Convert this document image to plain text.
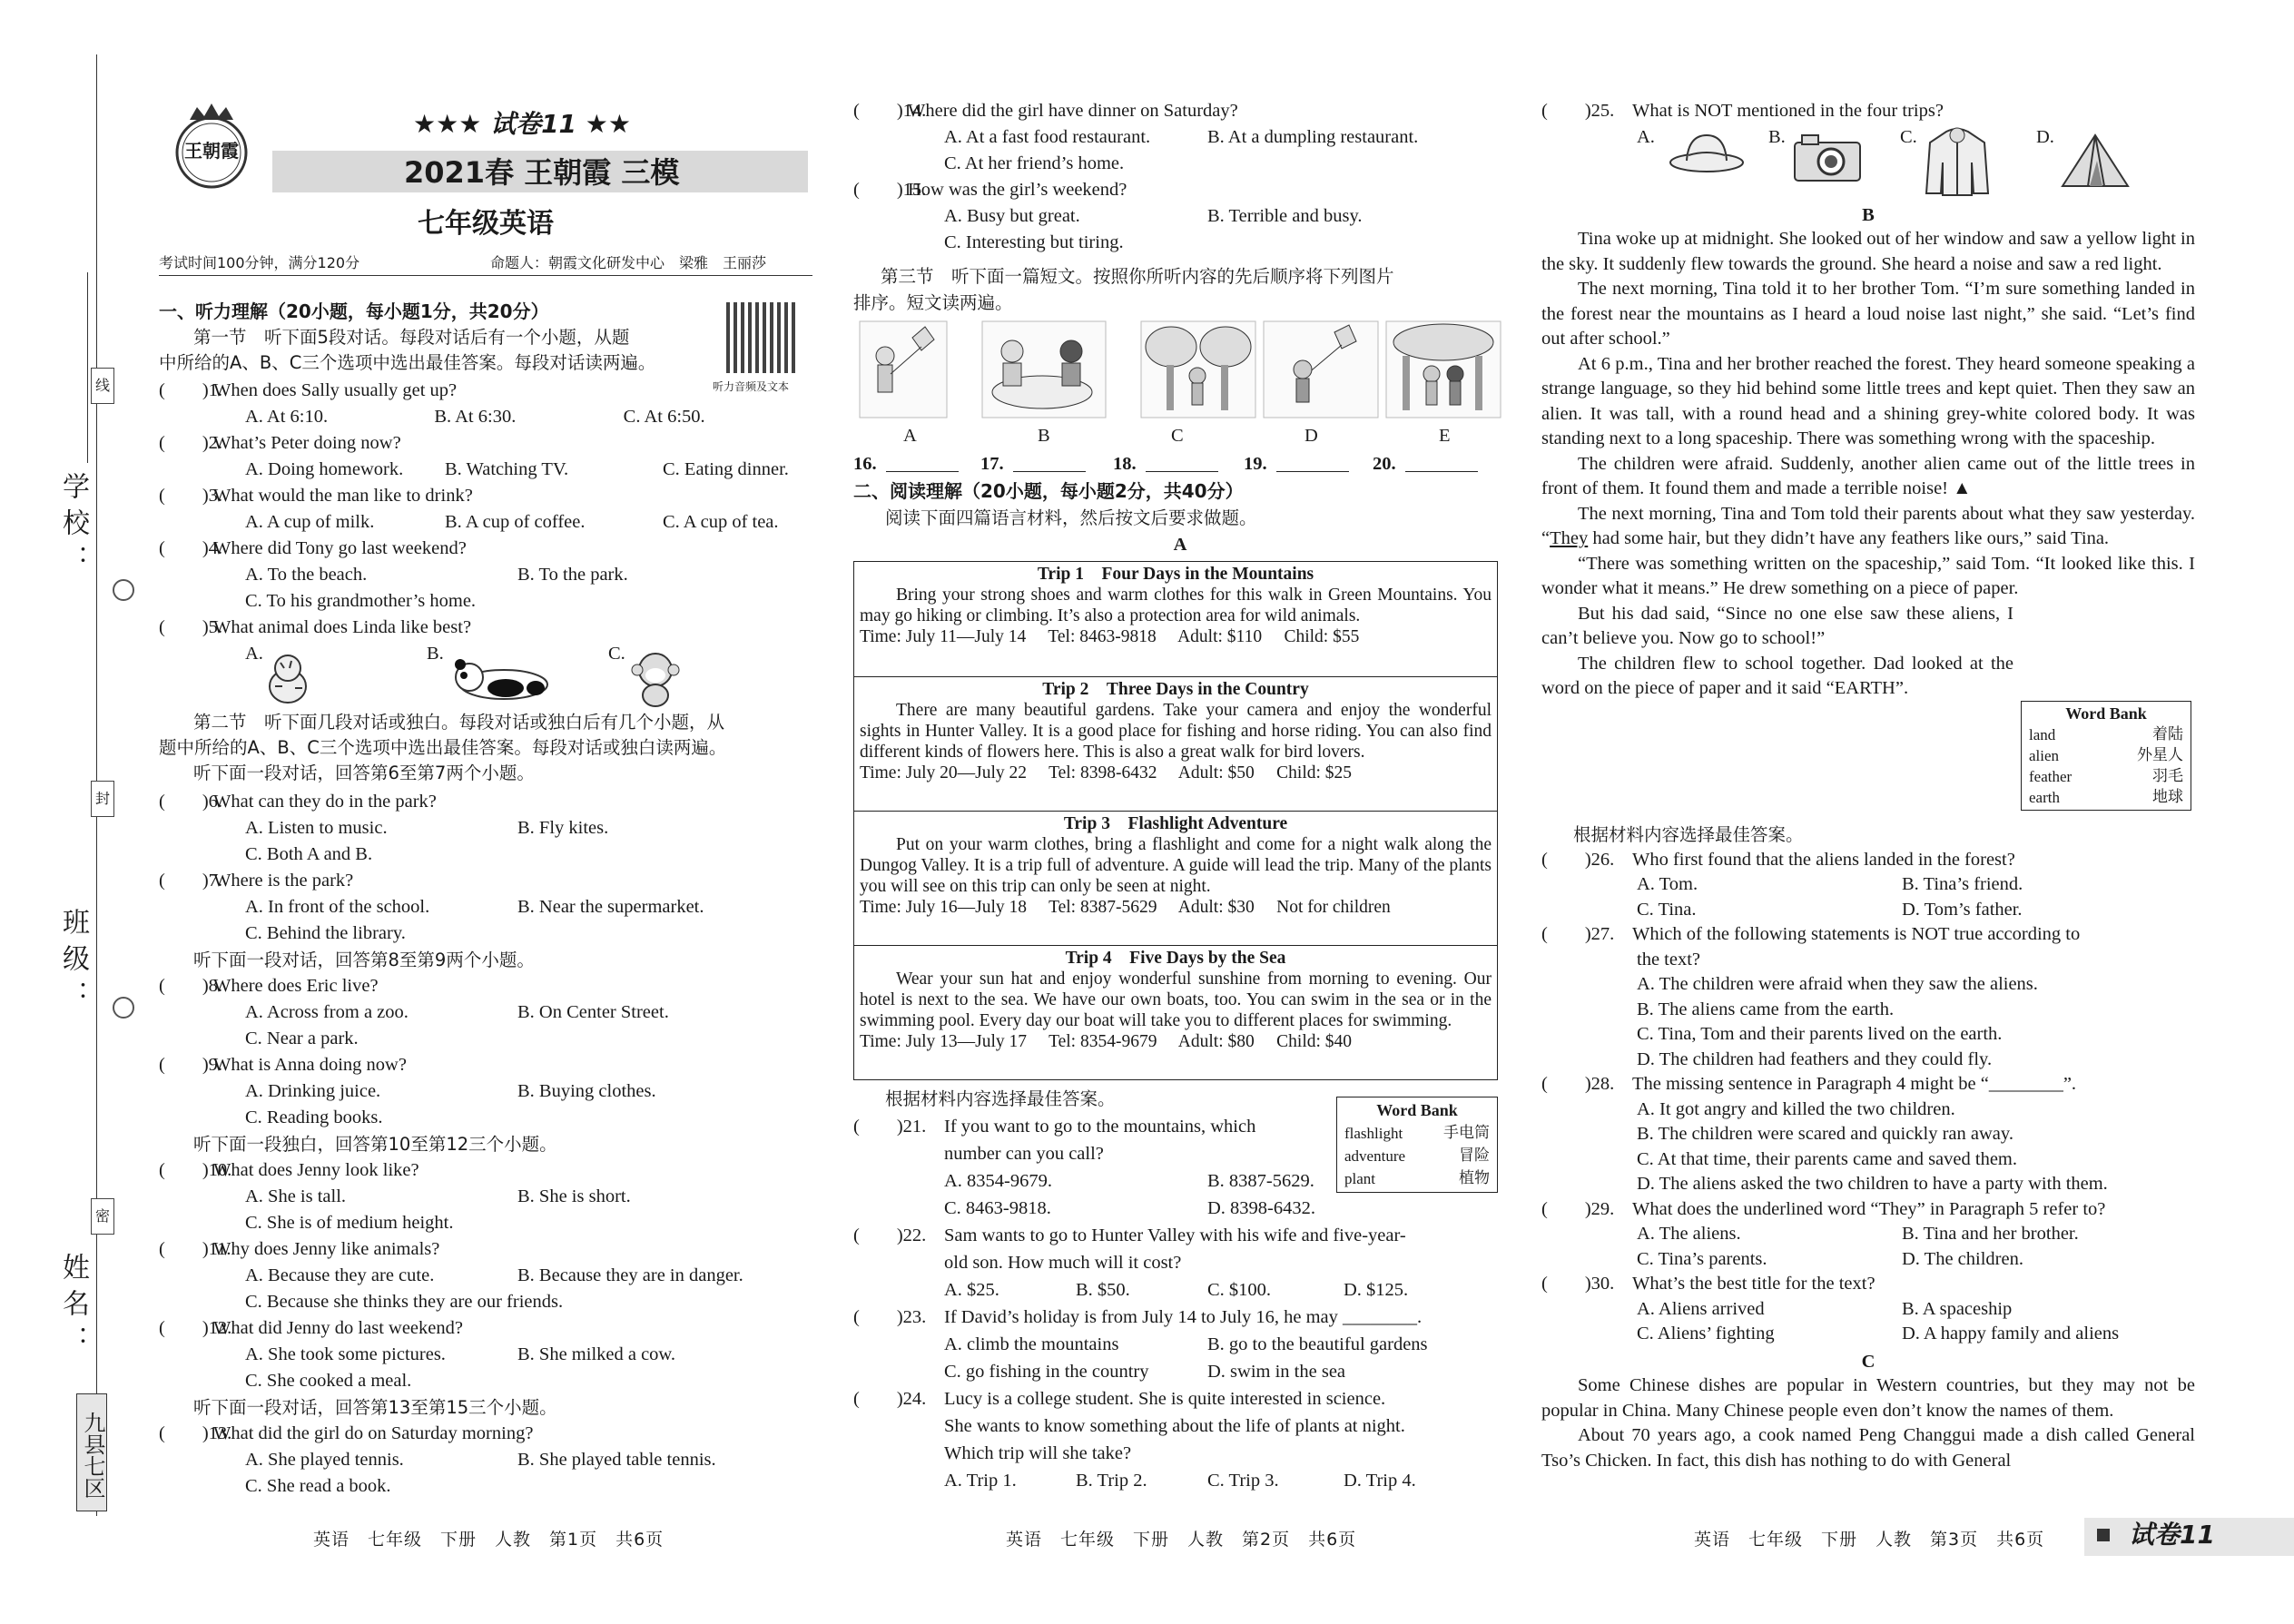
学校：
班级：
姓名：
线
封
密
九县七区
王朝霞
★★★ 试卷11 ★★
2021春 王朝霞 三模
七年级英语
考试时间100分钟，满分120分	命题人：朝霞文化研发中心　梁雅　王丽莎
听力音频及文本
一、听力理解（20小题，每小题1分，共20分）
第一节　听下面5段对话。每段对话后有一个小题，从题
中所给的A、B、C三个选项中选出最佳答案。每段对话读两遍。
(　　)1.
When does Sally usually get up?
A. At 6:10.	B. At 6:30.	C. At 6:50.
(　　)2.
What’s Peter doing now?
A. Doing homework.	B. Watching TV.	C. Eating dinner.
(　　)3.
What would the man like to drink?
A. A cup of milk.	B. A cup of coffee.	C. A cup of tea.
(　　)4.
Where did Tony go last weekend?
A. To the beach.	B. To the park.
C. To his grandmother’s home.
(　　)5.
What animal does Linda like best?
A.	B.	C.
第二节　听下面几段对话或独白。每段对话或独白后有几个小题，从
题中所给的A、B、C三个选项中选出最佳答案。每段对话或独白读两遍。
听下面一段对话，回答第6至第7两个小题。
(　　)6.
What can they do in the park?
A. Listen to music.	B. Fly kites.
C. Both A and B.
(　　)7.
Where is the park?
A. In front of the school.	B. Near the supermarket.
C. Behind the library.
听下面一段对话，回答第8至第9两个小题。
(　　)8.
Where does Eric live?
A. Across from a zoo.	B. On Center Street.
C. Near a park.
(　　)9.
What is Anna doing now?
A. Drinking juice.	B. Buying clothes.
C. Reading books.
听下面一段独白，回答第10至第12三个小题。
(　　)10.
What does Jenny look like?
A. She is tall.	B. She is short.
C. She is of medium height.
(　　)11.
Why does Jenny like animals?
A. Because they are cute.	B. Because they are in danger.
C. Because she thinks they are our friends.
(　　)12.
What did Jenny do last weekend?
A. She took some pictures.	B. She milked a cow.
C. She cooked a meal.
听下面一段对话，回答第13至第15三个小题。
(　　)13.
What did the girl do on Saturday morning?
A. She played tennis.	B. She played table tennis.
C. She read a book.
英语　七年级　下册　人教　第1页　共6页
(　　)14.
Where did the girl have dinner on Saturday?
A. At a fast food restaurant.	B. At a dumpling restaurant.
C. At her friend’s home.
(　　)15.
How was the girl’s weekend?
A. Busy but great.	B. Terrible and busy.
C. Interesting but tiring.
第三节　听下面一篇短文。按照你所听内容的先后顺序将下列图片
排序。短文读两遍。
A	B	C	D	E
16.	17.	18.	19.	20.
二、阅读理解（20小题，每小题2分，共40分）
阅读下面四篇语言材料，然后按文后要求做题。
A
Trip 1　Four Days in the Mountains
Bring your strong shoes and warm clothes for this walk in Green Mountains. You may go hiking or climbing. It’s also a protection area for wild animals.
Time: July 11—July 14　 Tel: 8463-9818　 Adult: $110　 Child: $55
Trip 2　Three Days in the Country
There are many beautiful gardens. Take your camera and enjoy the wonderful sights in Hunter Valley. It is a good place for fishing and horse riding. You can also find different kinds of flowers here. This is also a great walk for bird lovers.
Time: July 20—July 22　 Tel: 8398-6432　 Adult: $50　 Child: $25
Trip 3　Flashlight Adventure
Put on your warm clothes, bring a flashlight and come for a night walk along the Dungog Valley. It is a trip full of adventure. A guide will lead the trip. Many of the plants you will see on this trip can only be seen at night.
Time: July 16—July 18　 Tel: 8387-5629　 Adult: $30　 Not for children
Trip 4　Five Days by the Sea
Wear your sun hat and enjoy wonderful sunshine from morning to evening. Our hotel is next to the sea. We have our own boats, too. You can swim in the sea or in the swimming pool. Every day our boat will take you to different places for swimming.
Time: July 13—July 17　 Tel: 8354-9679　 Adult: $80　 Child: $40
根据材料内容选择最佳答案。
Word Bank
flashlight	手电筒
adventure	冒险
plant	植物
(　　)21. If you want to go to the mountains, which
number can you call?
A. 8354-9679.	B. 8387-5629.
C. 8463-9818.	D. 8398-6432.
(　　)22. Sam wants to go to Hunter Valley with his wife and five-year-
old son. How much will it cost?
A. $25.	B. $50.	C. $100.	D. $125.
(　　)23. If David’s holiday is from July 14 to July 16, he may ________.
A. climb the mountains	B. go to the beautiful gardens
C. go fishing in the country	D. swim in the sea
(　　)24. Lucy is a college student. She is quite interested in science.
She wants to know something about the life of plants at night.
Which trip will she take?
A. Trip 1.	B. Trip 2.	C. Trip 3.	D. Trip 4.
英语　七年级　下册　人教　第2页　共6页
(　　)25. What is NOT mentioned in the four trips?
A.	B.	C.	D.
B

Tina woke up at midnight. She looked out of her window and saw a yellow light in the sky. It suddenly flew towards the ground. She heard a noise and saw a red light.

The next morning, Tina told it to her brother Tom. “I’m sure something landed in the forest near the mountains as I heard a loud noise last night,” she said. “Let’s find out after school.”

At 6 p.m., Tina and her brother reached the forest. They heard someone speaking a strange language, so they hid behind some little trees and kept quiet. Then they saw an alien. It was tall, with a round head and a shining grey-white colored body. It was standing next to a long spaceship. There was something wrong with the spaceship.

The children were afraid. Suddenly, another alien came out of the little trees in front of them. It found them and made a terrible noise! ▲

The next morning, Tina and Tom told their parents about what they saw yesterday. “They had some hair, but they didn’t have any feathers like ours,” said Tina.

“There was something written on the spaceship,” said Tom. “It looked like this. I wonder what it means.” He drew something on a piece of paper.

But his dad said, “Since no one else saw these aliens, I can’t believe you. Now go to school!”

The children flew to school together. Dad looked at the word on the piece of paper and it said “EARTH”.

Word Bank
land	着陆
alien	外星人
feather	羽毛
earth	地球
根据材料内容选择最佳答案。
(　　)26. Who first found that the aliens landed in the forest?
A. Tom.	B. Tina’s friend.
C. Tina.	D. Tom’s father.
(　　)27. Which of the following statements is NOT true according to
the text?
A. The children were afraid when they saw the aliens.
B. The aliens came from the earth.
C. Tina, Tom and their parents lived on the earth.
D. The children had feathers and they could fly.
(　　)28. The missing sentence in Paragraph 4 might be “________”.
A. It got angry and killed the two children.
B. The children were scared and quickly ran away.
C. At that time, their parents came and saved them.
D. The aliens asked the two children to have a party with them.
(　　)29. What does the underlined word “They” in Paragraph 5 refer to?
A. The aliens.	B. Tina and her brother.
C. Tina’s parents.	D. The children.
(　　)30. What’s the best title for the text?
A. Aliens arrived	B. A spaceship
C. Aliens’ fighting	D. A happy family and aliens
C

Some Chinese dishes are popular in Western countries, but they may not be popular in China. Many Chinese people even don’t know the names of them.

About 70 years ago, a cook named Peng Changgui made a dish called General Tso’s Chicken. In fact, this dish has nothing to do with General

英语　七年级　下册　人教　第3页　共6页	试卷11
